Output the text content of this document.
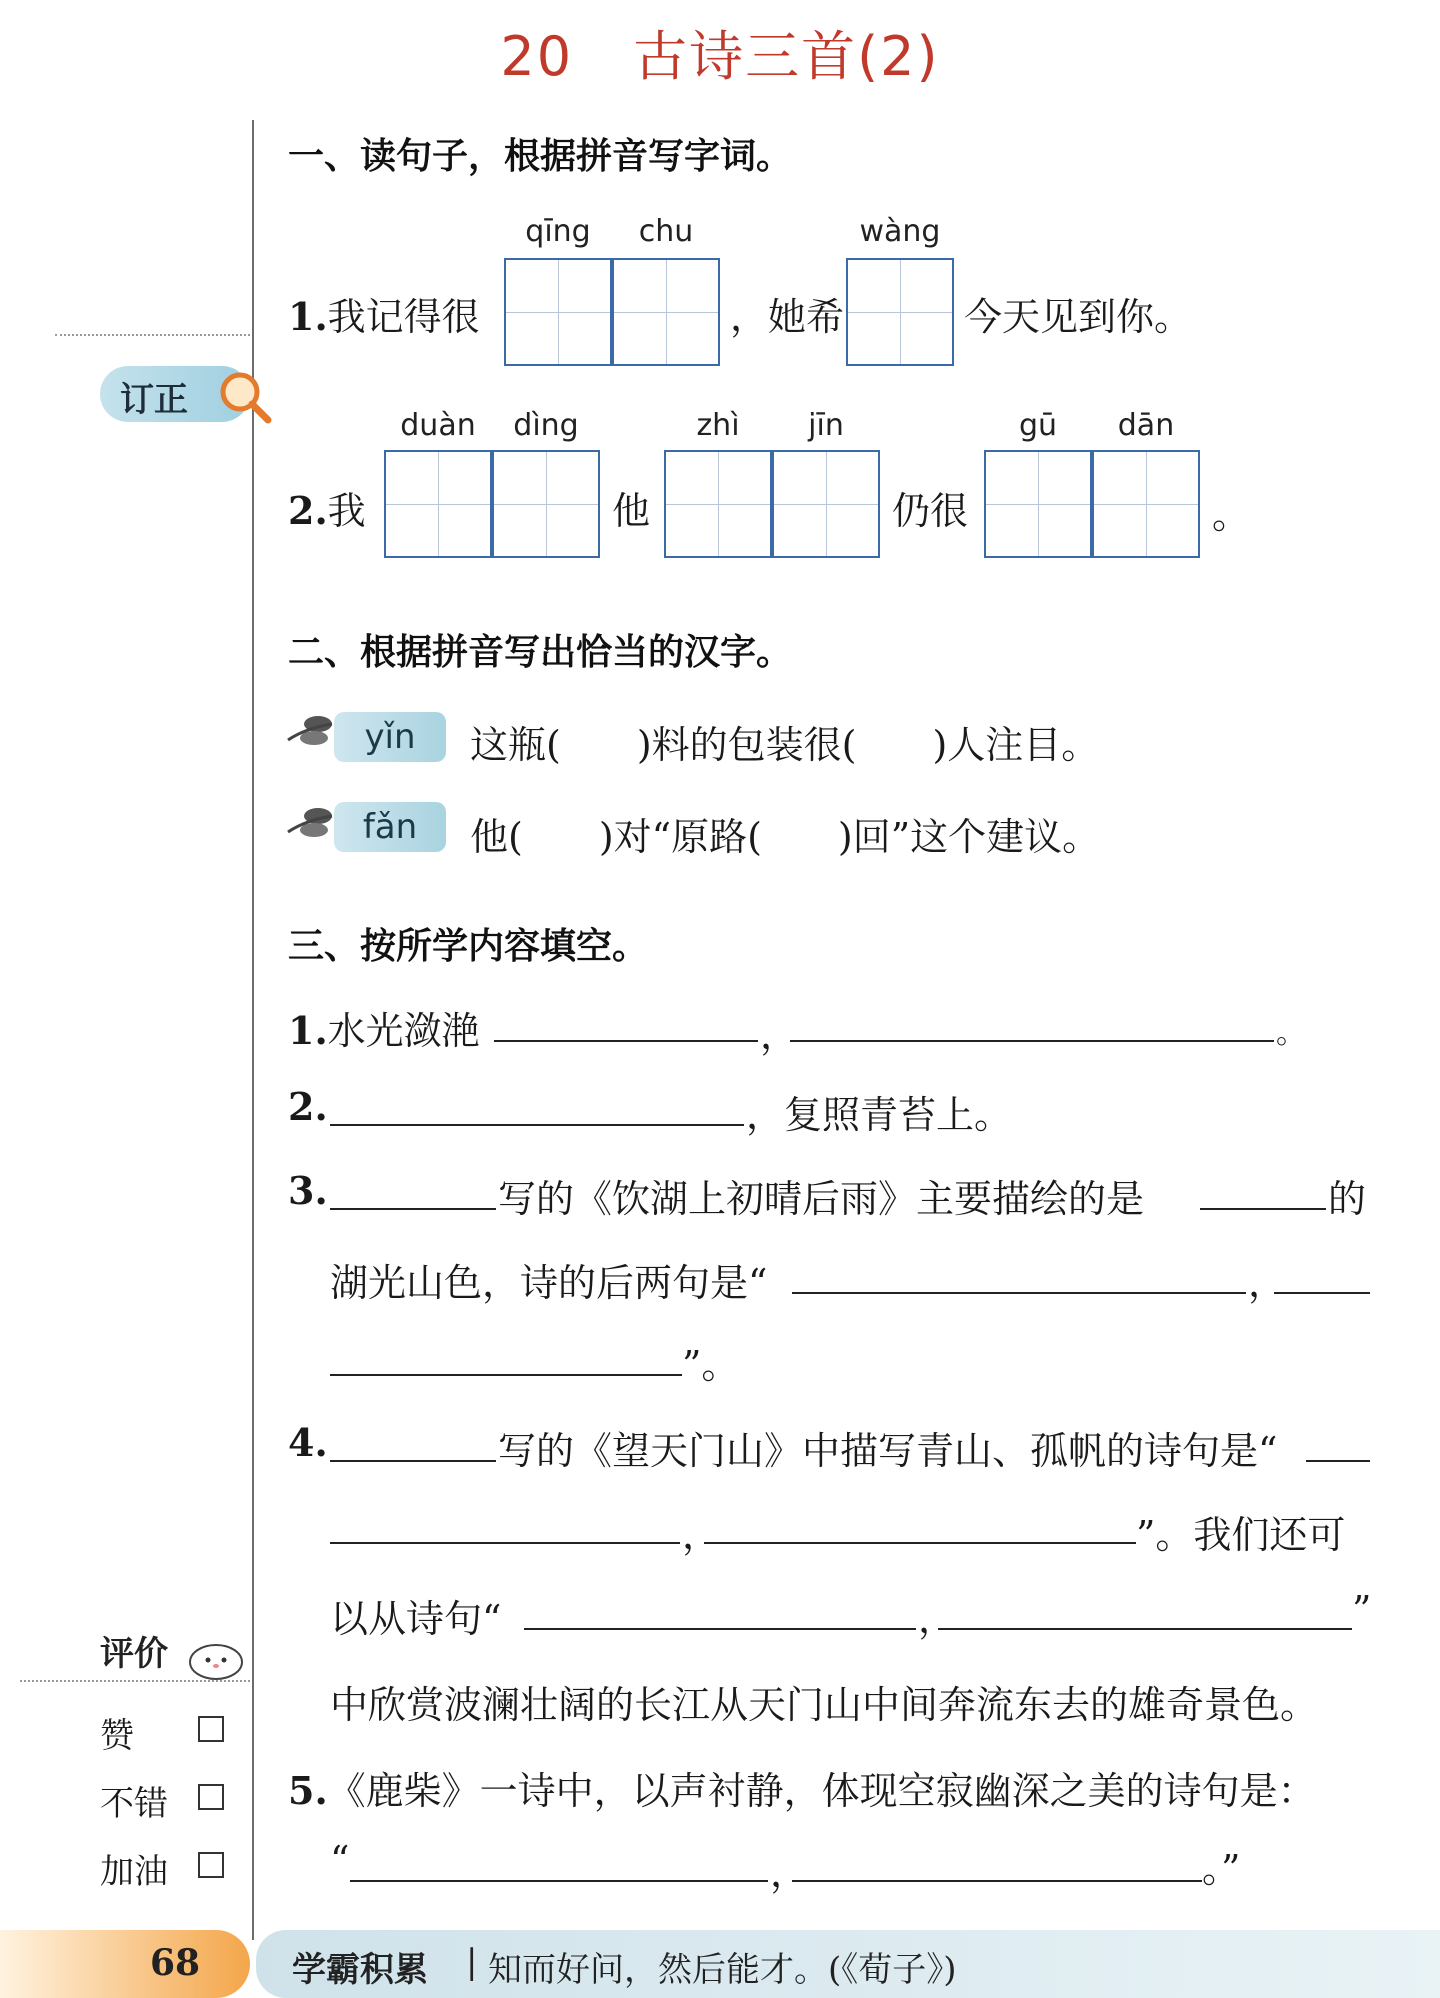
20 古诗三首(2)
订正
评价
赞
不错
加油
一、读句子，根据拼音写字词。
qīng	chu	wàng
1.我记得很	，她希	今天见到你。
duàn	dìng	zhì	jīn	gū	dān
2.我	他	仍很	。
二、根据拼音写出恰当的汉字。
yǐn	这瓶(　　)料的包装很(　　)人注目。
fǎn	他(　　)对“原路(　　)回”这个建议。
三、按所学内容填空。
1.水光潋滟	，	。
2.	，复照青苔上。
3.	写的《饮湖上初晴后雨》主要描绘的是	的
湖光山色，诗的后两句是“	，
”。
4.	写的《望天门山》中描写青山、孤帆的诗句是“
，	”。我们还可
以从诗句“	，	”
中欣赏波澜壮阔的长江从天门山中间奔流东去的雄奇景色。
5.《鹿柴》一诗中，以声衬静，体现空寂幽深之美的诗句是：
“	，	。”
68	学霸积累 | 知而好问，然后能才。(《荀子》)
